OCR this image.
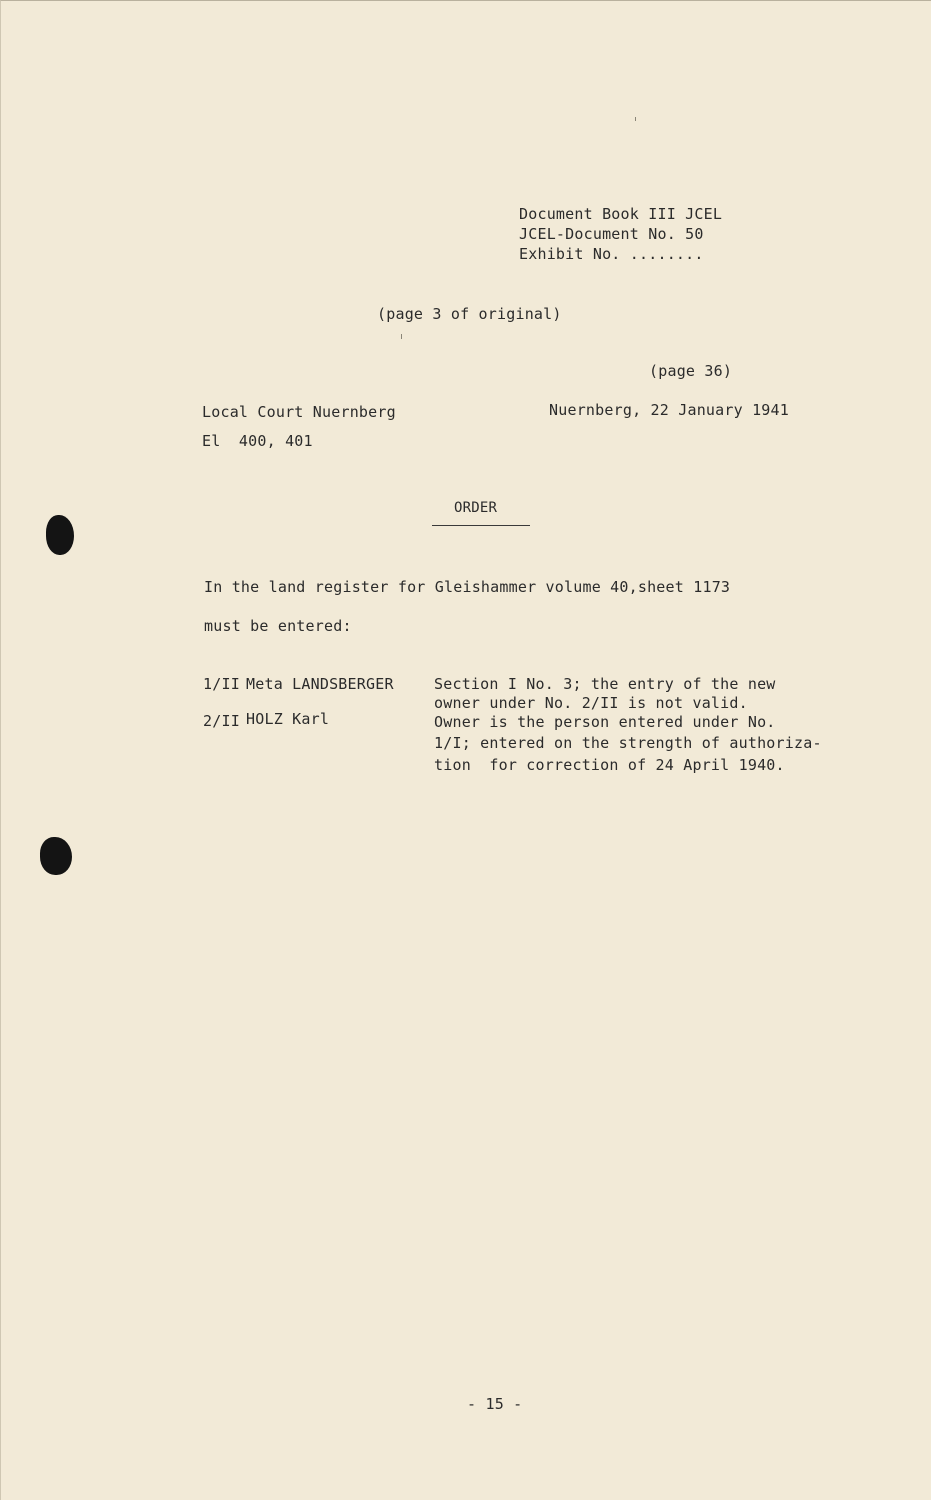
Document Book III JCEL
JCEL-Document No. 50
Exhibit No. ........
(page 3 of original)
(page 36)
Local Court Nuernberg	Nuernberg, 22 January 1941
El  400, 401
ORDER
In the land register for Gleishammer volume 40,sheet 1173
must be entered:
1/II Meta LANDSBERGER
2/II HOLZ Karl
Section I No. 3; the entry of the new
owner under No. 2/II is not valid.
Owner is the person entered under No.
1/I; entered on the strength of authoriza-
tion  for correction of 24 April 1940.
- 15 -
